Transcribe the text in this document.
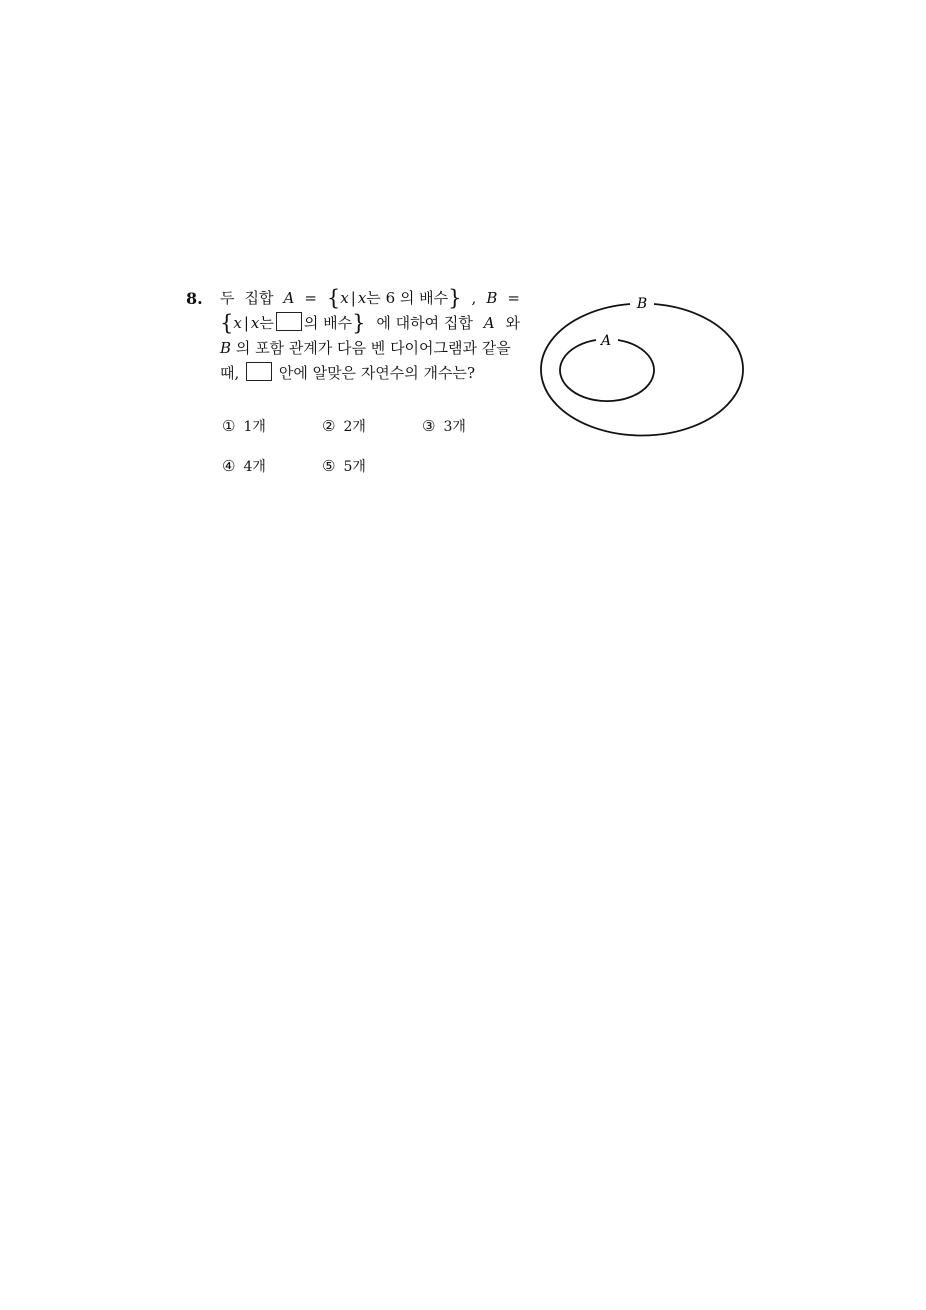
8. 두 집합 A = {x | x는 6 의 배수} , B =
{x | x는 의 배수} 에 대하여 집합 A 와
B 의 포함 관계가 다음 벤 다이어그램과 같을
때,	안에 알맞은 자연수의 개수는?
① 1개	② 2개	③ 3개
④ 4개	⑤ 5개
B
A
